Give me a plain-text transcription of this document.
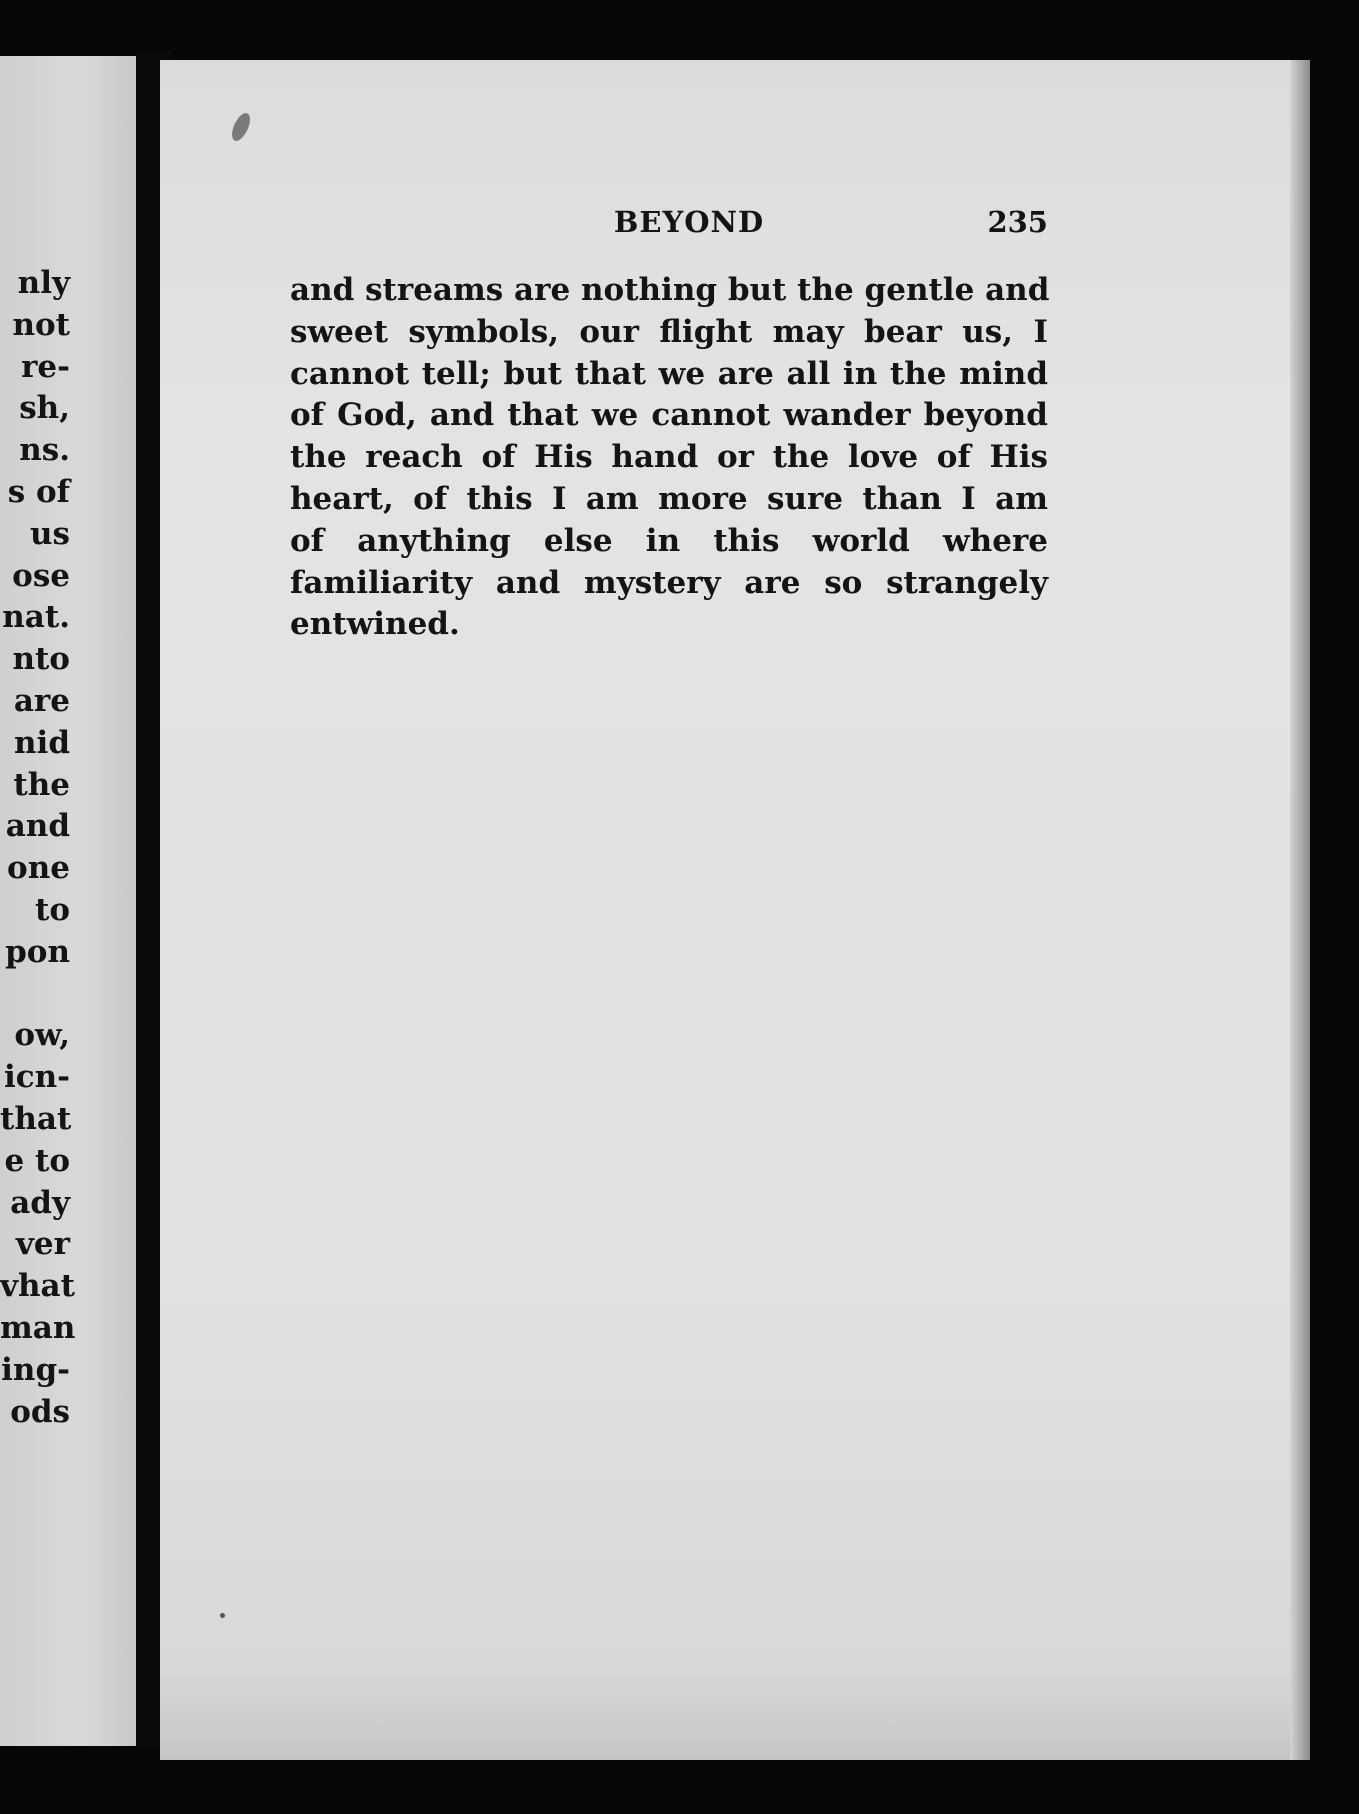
nly
not
re-
sh,
ns.
s of
us
ose
nat.
nto
are
nid
the
and
one
to
pon
ow,
icn-
that
e to
ady
ver
vhat
man
ing-
ods
BEYOND	235
and streams are nothing but the gentle and
sweet symbols, our flight may bear us, I
cannot tell; but that we are all in the mind
of God, and that we cannot wander beyond
the reach of His hand or the love of His
heart, of this I am more sure than I am
of anything else in this world where
familiarity and mystery are so strangely
entwined.
